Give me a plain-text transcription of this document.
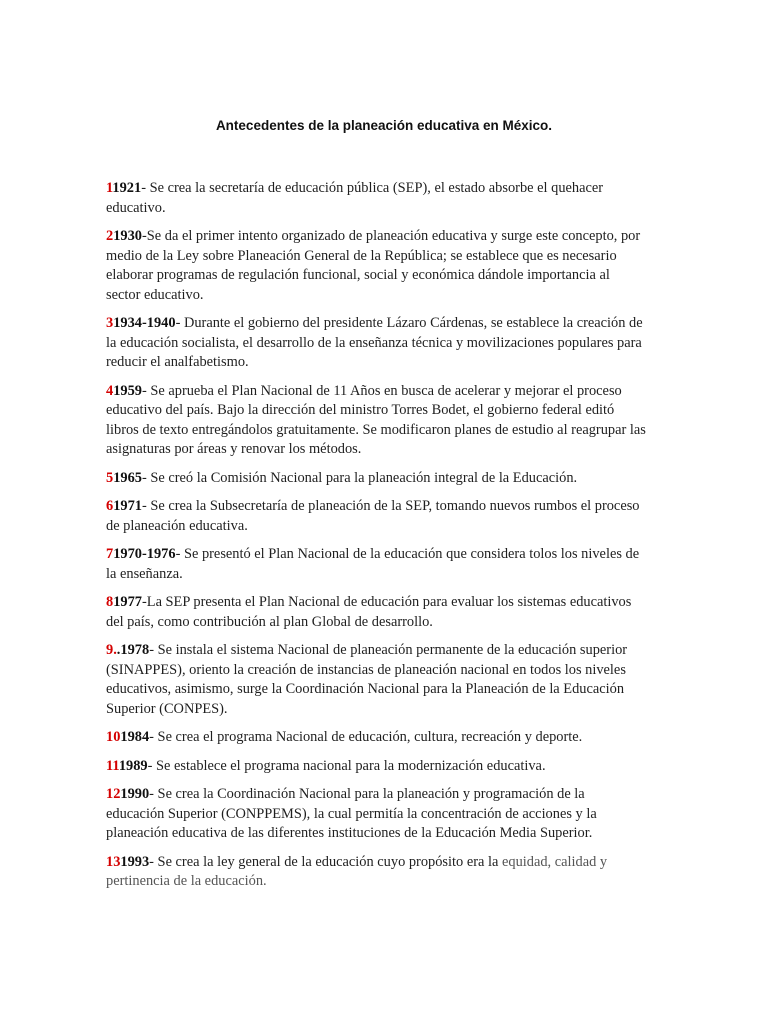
Antecedentes de la planeación educativa en México.

11921- Se crea la secretaría de educación pública (SEP), el estado absorbe el quehacer educativo.

21930-Se da el primer intento organizado de planeación educativa y surge este concepto, por medio de la Ley sobre Planeación General de la República; se establece que es necesario elaborar programas de regulación funcional, social y económica dándole importancia al sector educativo.

31934-1940- Durante el gobierno del presidente Lázaro Cárdenas, se establece la creación de la educación socialista, el desarrollo de la enseñanza técnica y movilizaciones populares para reducir el analfabetismo.

41959- Se aprueba el Plan Nacional de 11 Años en busca de acelerar y mejorar el proceso educativo del país. Bajo la dirección del ministro Torres Bodet, el gobierno federal editó libros de texto entregándolos gratuitamente. Se modificaron planes de estudio al reagrupar las asignaturas por áreas y renovar los métodos.

51965- Se creó la Comisión Nacional para la planeación integral de la Educación.

61971- Se crea la Subsecretaría de planeación de la SEP, tomando nuevos rumbos el proceso de planeación educativa.

71970-1976- Se presentó el Plan Nacional de la educación que considera tolos los niveles de la enseñanza.

81977-La SEP presenta el Plan Nacional de educación para evaluar los sistemas educativos del país, como contribución al plan Global de desarrollo.

9..1978- Se instala el sistema Nacional de planeación permanente de la educación superior (SINAPPES), oriento la creación de instancias de planeación nacional en todos los niveles educativos, asimismo, surge la Coordinación Nacional para la Planeación de la Educación Superior (CONPES).

101984- Se crea el programa Nacional de educación, cultura, recreación y deporte.

111989- Se establece el programa nacional para la modernización educativa.

121990- Se crea la Coordinación Nacional para la planeación y programación de la educación Superior (CONPPEMS), la cual permitía la concentración de acciones y la planeación educativa de las diferentes instituciones de la Educación Media Superior.

131993- Se crea la ley general de la educación cuyo propósito era la equidad, calidad y pertinencia de la educación.
